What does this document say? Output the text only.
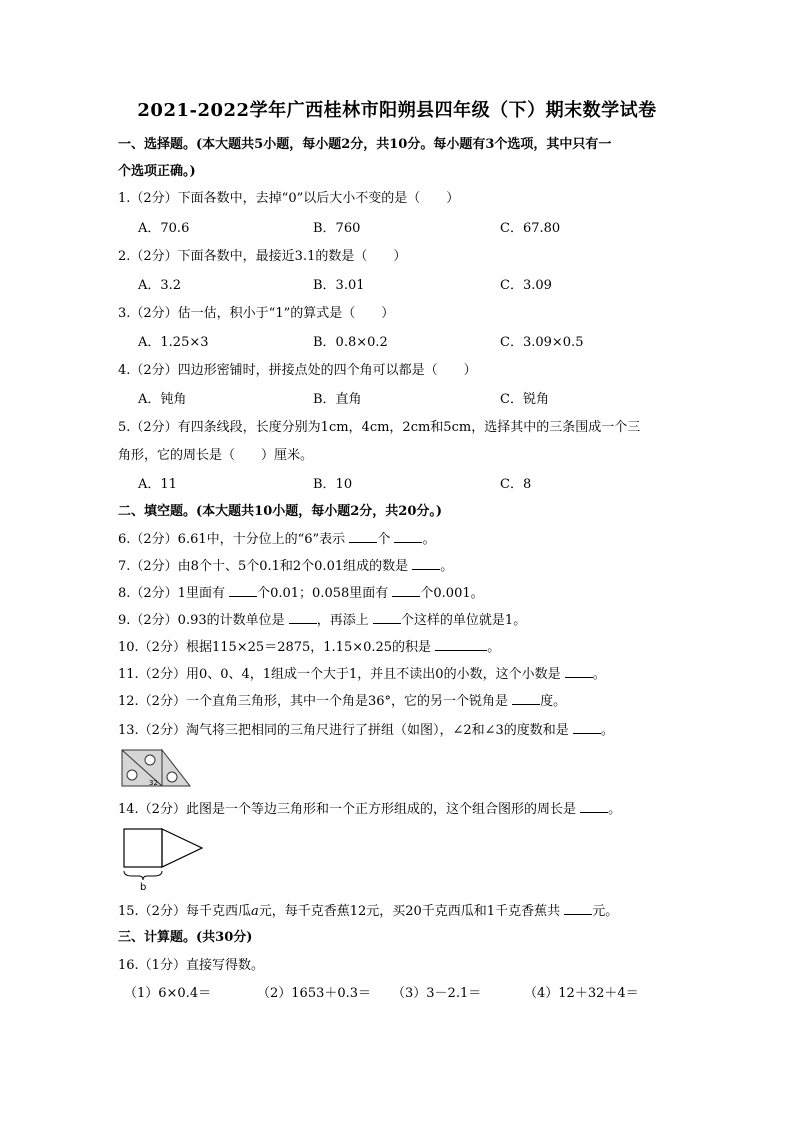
2021-2022学年广西桂林市阳朔县四年级（下）期末数学试卷
一、选择题。(本大题共5小题，每小题2分，共10分。每小题有3个选项，其中只有一
个选项正确。)
1.（2分）下面各数中，去掉“0”以后大小不变的是（　　）
A．70.6	B．760	C．67.80
2.（2分）下面各数中，最接近3.1的数是（　　）
A．3.2	B．3.01	C．3.09
3.（2分）估一估，积小于“1”的算式是（　　）
A．1.25×3	B．0.8×0.2	C．3.09×0.5
4.（2分）四边形密铺时，拼接点处的四个角可以都是（　　）
A．钝角	B．直角	C．锐角
5.（2分）有四条线段，长度分别为1cm，4cm，2cm和5cm，选择其中的三条围成一个三
角形，它的周长是（　　）厘米。
A．11	B．10	C．8
二、填空题。(本大题共10小题，每小题2分，共20分。)
6.（2分）6.61中，十分位上的“6”表示 个 。
7.（2分）由8个十、5个0.1和2个0.01组成的数是 。
8.（2分）1里面有 个0.01；0.058里面有 个0.001。
9.（2分）0.93的计数单位是 ，再添上 个这样的单位就是1。
10.（2分）根据115×25＝2875，1.15×0.25的积是	。
11.（2分）用0、0、4，1组成一个大于1，并且不读出0的小数，这个小数是 。
12.（2分）一个直角三角形，其中一个角是36°，它的另一个锐角是 度。
13.（2分）淘气将三把相同的三角尺进行了拼组（如图），∠2和∠3的度数和是 。
32
14.（2分）此图是一个等边三角形和一个正方形组成的，这个组合图形的周长是 。
b
15.（2分）每千克西瓜a元，每千克香蕉12元，买20千克西瓜和1千克香蕉共 元。
三、计算题。(共30分)
16.（1分）直接写得数。
（1）6×0.4＝	（2）1653＋0.3＝ （3）3－2.1＝	（4）12＋32＋4＝
